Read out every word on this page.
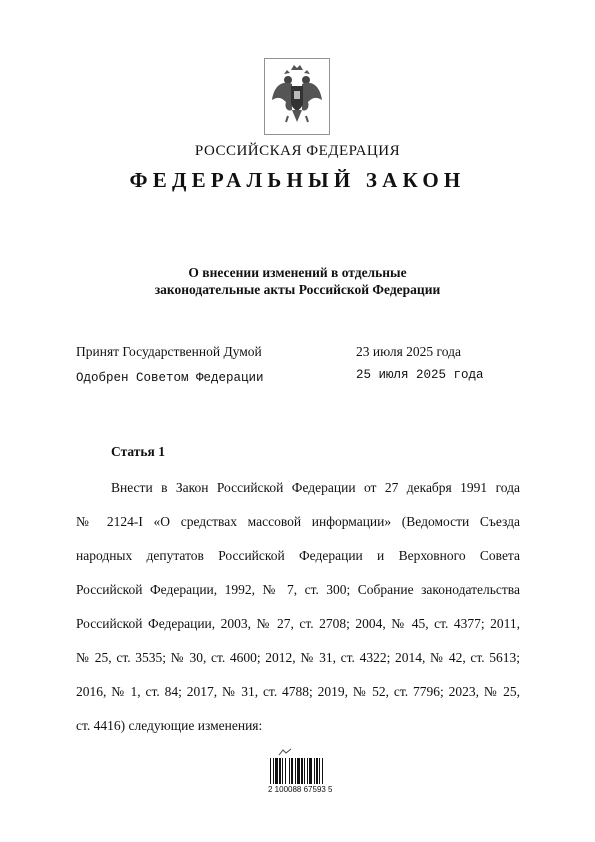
РОССИЙСКАЯ ФЕДЕРАЦИЯ
ФЕДЕРАЛЬНЫЙ ЗАКОН
О внесении изменений в отдельные
законодательные акты Российской Федерации
Принят Государственной Думой	23 июля 2025 года
Одобрен Советом Федерации	25 июля 2025 года
Статья 1
Внести в Закон Российской Федерации от 27 декабря 1991 года
№ 2124-I «О средствах массовой информации» (Ведомости Съезда
народных депутатов Российской Федерации и Верховного Совета
Российской Федерации, 1992, № 7, ст. 300; Собрание законодательства
Российской Федерации, 2003, № 27, ст. 2708; 2004, № 45, ст. 4377; 2011,
№ 25, ст. 3535; № 30, ст. 4600; 2012, № 31, ст. 4322; 2014, № 42, ст. 5613;
2016, № 1, ст. 84; 2017, № 31, ст. 4788; 2019, № 52, ст. 7796; 2023, № 25,
ст. 4416) следующие изменения:
2 100088 67593 5
